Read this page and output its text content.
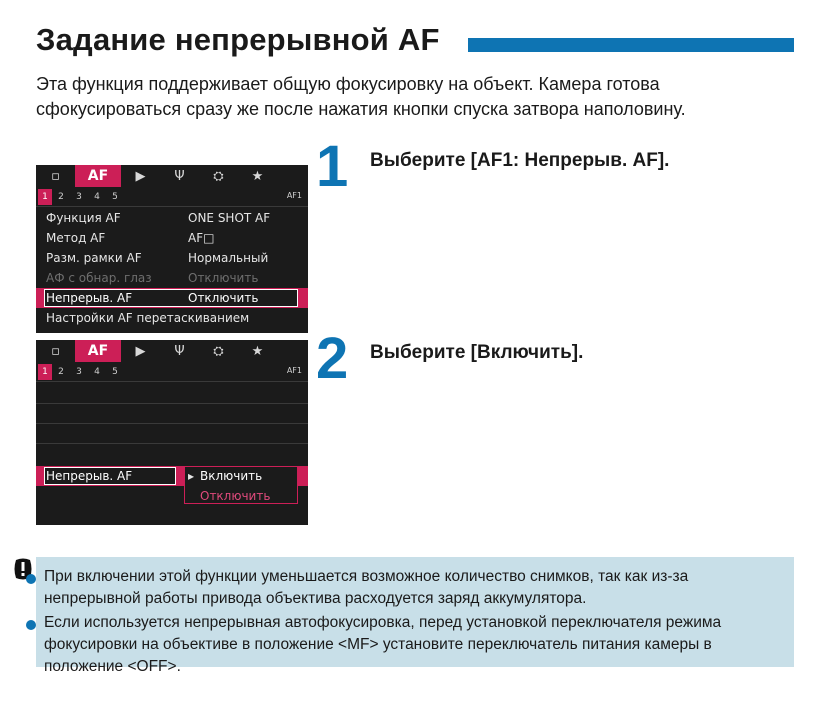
Задание непрерывной AF
Эта функция поддерживает общую фокусировку на объект. Камера готова сфокусироваться сразу же после нажатия кнопки спуска затвора наполовину.
▫	AF	▶	Ψ	⛭	★
1	2	3	4	5	AF1
Функция AF	ONE SHOT AF
Метод AF	AF□
Разм. рамки AF	Нормальный
АФ с обнар. глаз	Отключить
Непрерыв. AF	Отключить
Настройки AF перетаскиванием
1 Выберите [AF1: Непрерыв. AF].
▫	AF	▶	Ψ	⛭	★
1	2	3	4	5	AF1
Непрерыв. AF	▸ Включить
Отключить
2 Выберите [Включить].
При включении этой функции уменьшается возможное количество снимков, так как из-за непрерывной работы привода объектива расходуется заряд аккумулятора.
Если используется непрерывная автофокусировка, перед установкой переключателя режима фокусировки на объективе в положение <MF> установите переключатель питания камеры в положение <OFF>.
